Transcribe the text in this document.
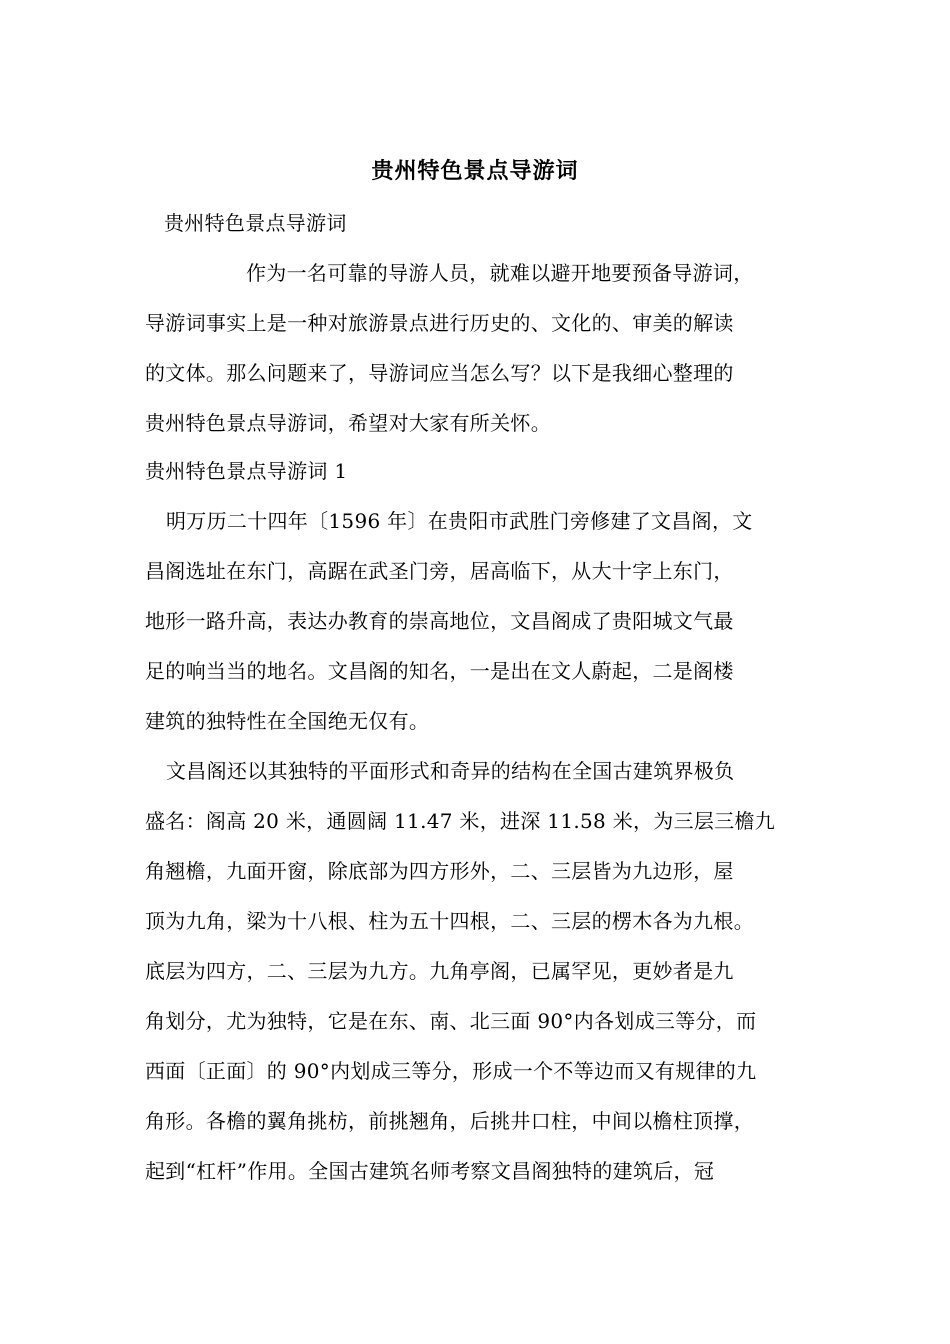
贵州特色景点导游词
贵州特色景点导游词
作为一名可靠的导游人员，就难以避开地要预备导游词，
导游词事实上是一种对旅游景点进行历史的、文化的、审美的解读
的文体。那么问题来了，导游词应当怎么写？以下是我细心整理的
贵州特色景点导游词，希望对大家有所关怀。
贵州特色景点导游词 1
明万历二十四年〔1596 年〕在贵阳市武胜门旁修建了文昌阁，文
昌阁选址在东门，高踞在武圣门旁，居高临下，从大十字上东门，
地形一路升高，表达办教育的崇高地位，文昌阁成了贵阳城文气最
足的响当当的地名。文昌阁的知名，一是出在文人蔚起，二是阁楼
建筑的独特性在全国绝无仅有。
文昌阁还以其独特的平面形式和奇异的结构在全国古建筑界极负
盛名：阁高 20 米，通圆阔 11.47 米，进深 11.58 米，为三层三檐九
角翘檐，九面开窗，除底部为四方形外，二、三层皆为九边形，屋
顶为九角，梁为十八根、柱为五十四根，二、三层的楞木各为九根。
底层为四方，二、三层为九方。九角亭阁，已属罕见，更妙者是九
角划分，尤为独特，它是在东、南、北三面 90°内各划成三等分，而
西面〔正面〕的 90°内划成三等分，形成一个不等边而又有规律的九
角形。各檐的翼角挑枋，前挑翘角，后挑井口柱，中间以檐柱顶撑，
起到“杠杆”作用。全国古建筑名师考察文昌阁独特的建筑后，冠
